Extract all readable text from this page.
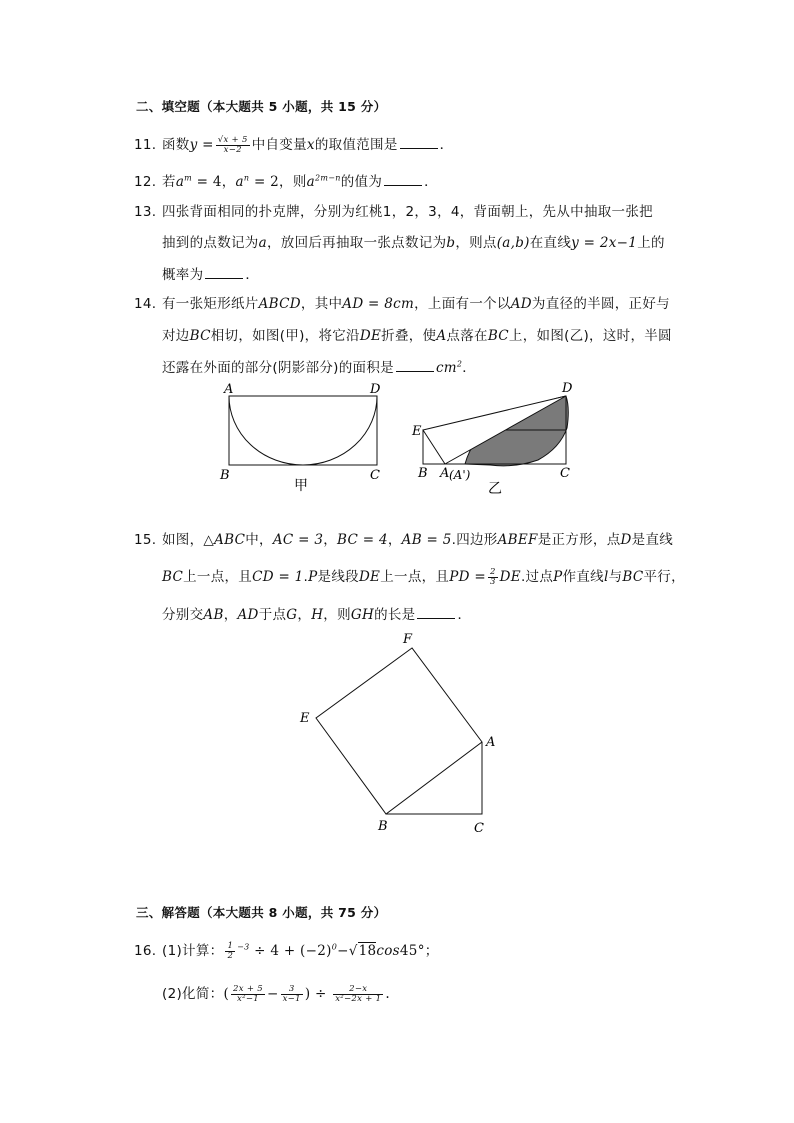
二、填空题（本大题共 5 小题，共 15 分）
11. 函数$y = \frac{√x + 5}{x-2}$ 中自变量x的取值范围是	．
12. 若$a^m = 4$，$a^n = 2$，则$a^{2m-n}$的值为	．
13. 四张背面相同的扑克牌，分别为红桃1，2，3，4，背面朝上，先从中抽取一张把
抽到的点数记为a，放回后再抽取一张点数记为b，则点(a,b)在直线y = 2x−1上的
概率为	．
14. 有一张矩形纸片ABCD，其中AD = 8cm，上面有一个以AD为直径的半圆，正好与
对边BC相切，如图(甲)，将它沿DE折叠，使A点落在BC上，如图(乙)，这时，半圆
还露在外面的部分(阴影部分)的面积是	$cm^2$．
A	D
B	C
甲
D
E
B A (A')	C
乙
15. 如图，△ABC中，AC = 3，BC = 4，AB = 5.四边形ABEF是正方形，点D是直线
BC上一点，且CD = 1.P是线段DE上一点，且PD = $\frac{2}{3}$ DE.过点P作直线l与BC平行，
分别交AB，AD于点G，H，则GH的长是	．
F
E
A
B	C
三、解答题（本大题共 8 小题，共 75 分）
16. (1)计算： $\frac{1}{2} ^{-3} \div 4 + (-2)^0-√18\cos 45^\circ$；
(2)化简：( $\frac{2x + 5}{\text{x²−1}} - \frac{3}{x-1}$ ) ÷ $\frac{2-x}{\text{x²−2x + 1}}$ .
